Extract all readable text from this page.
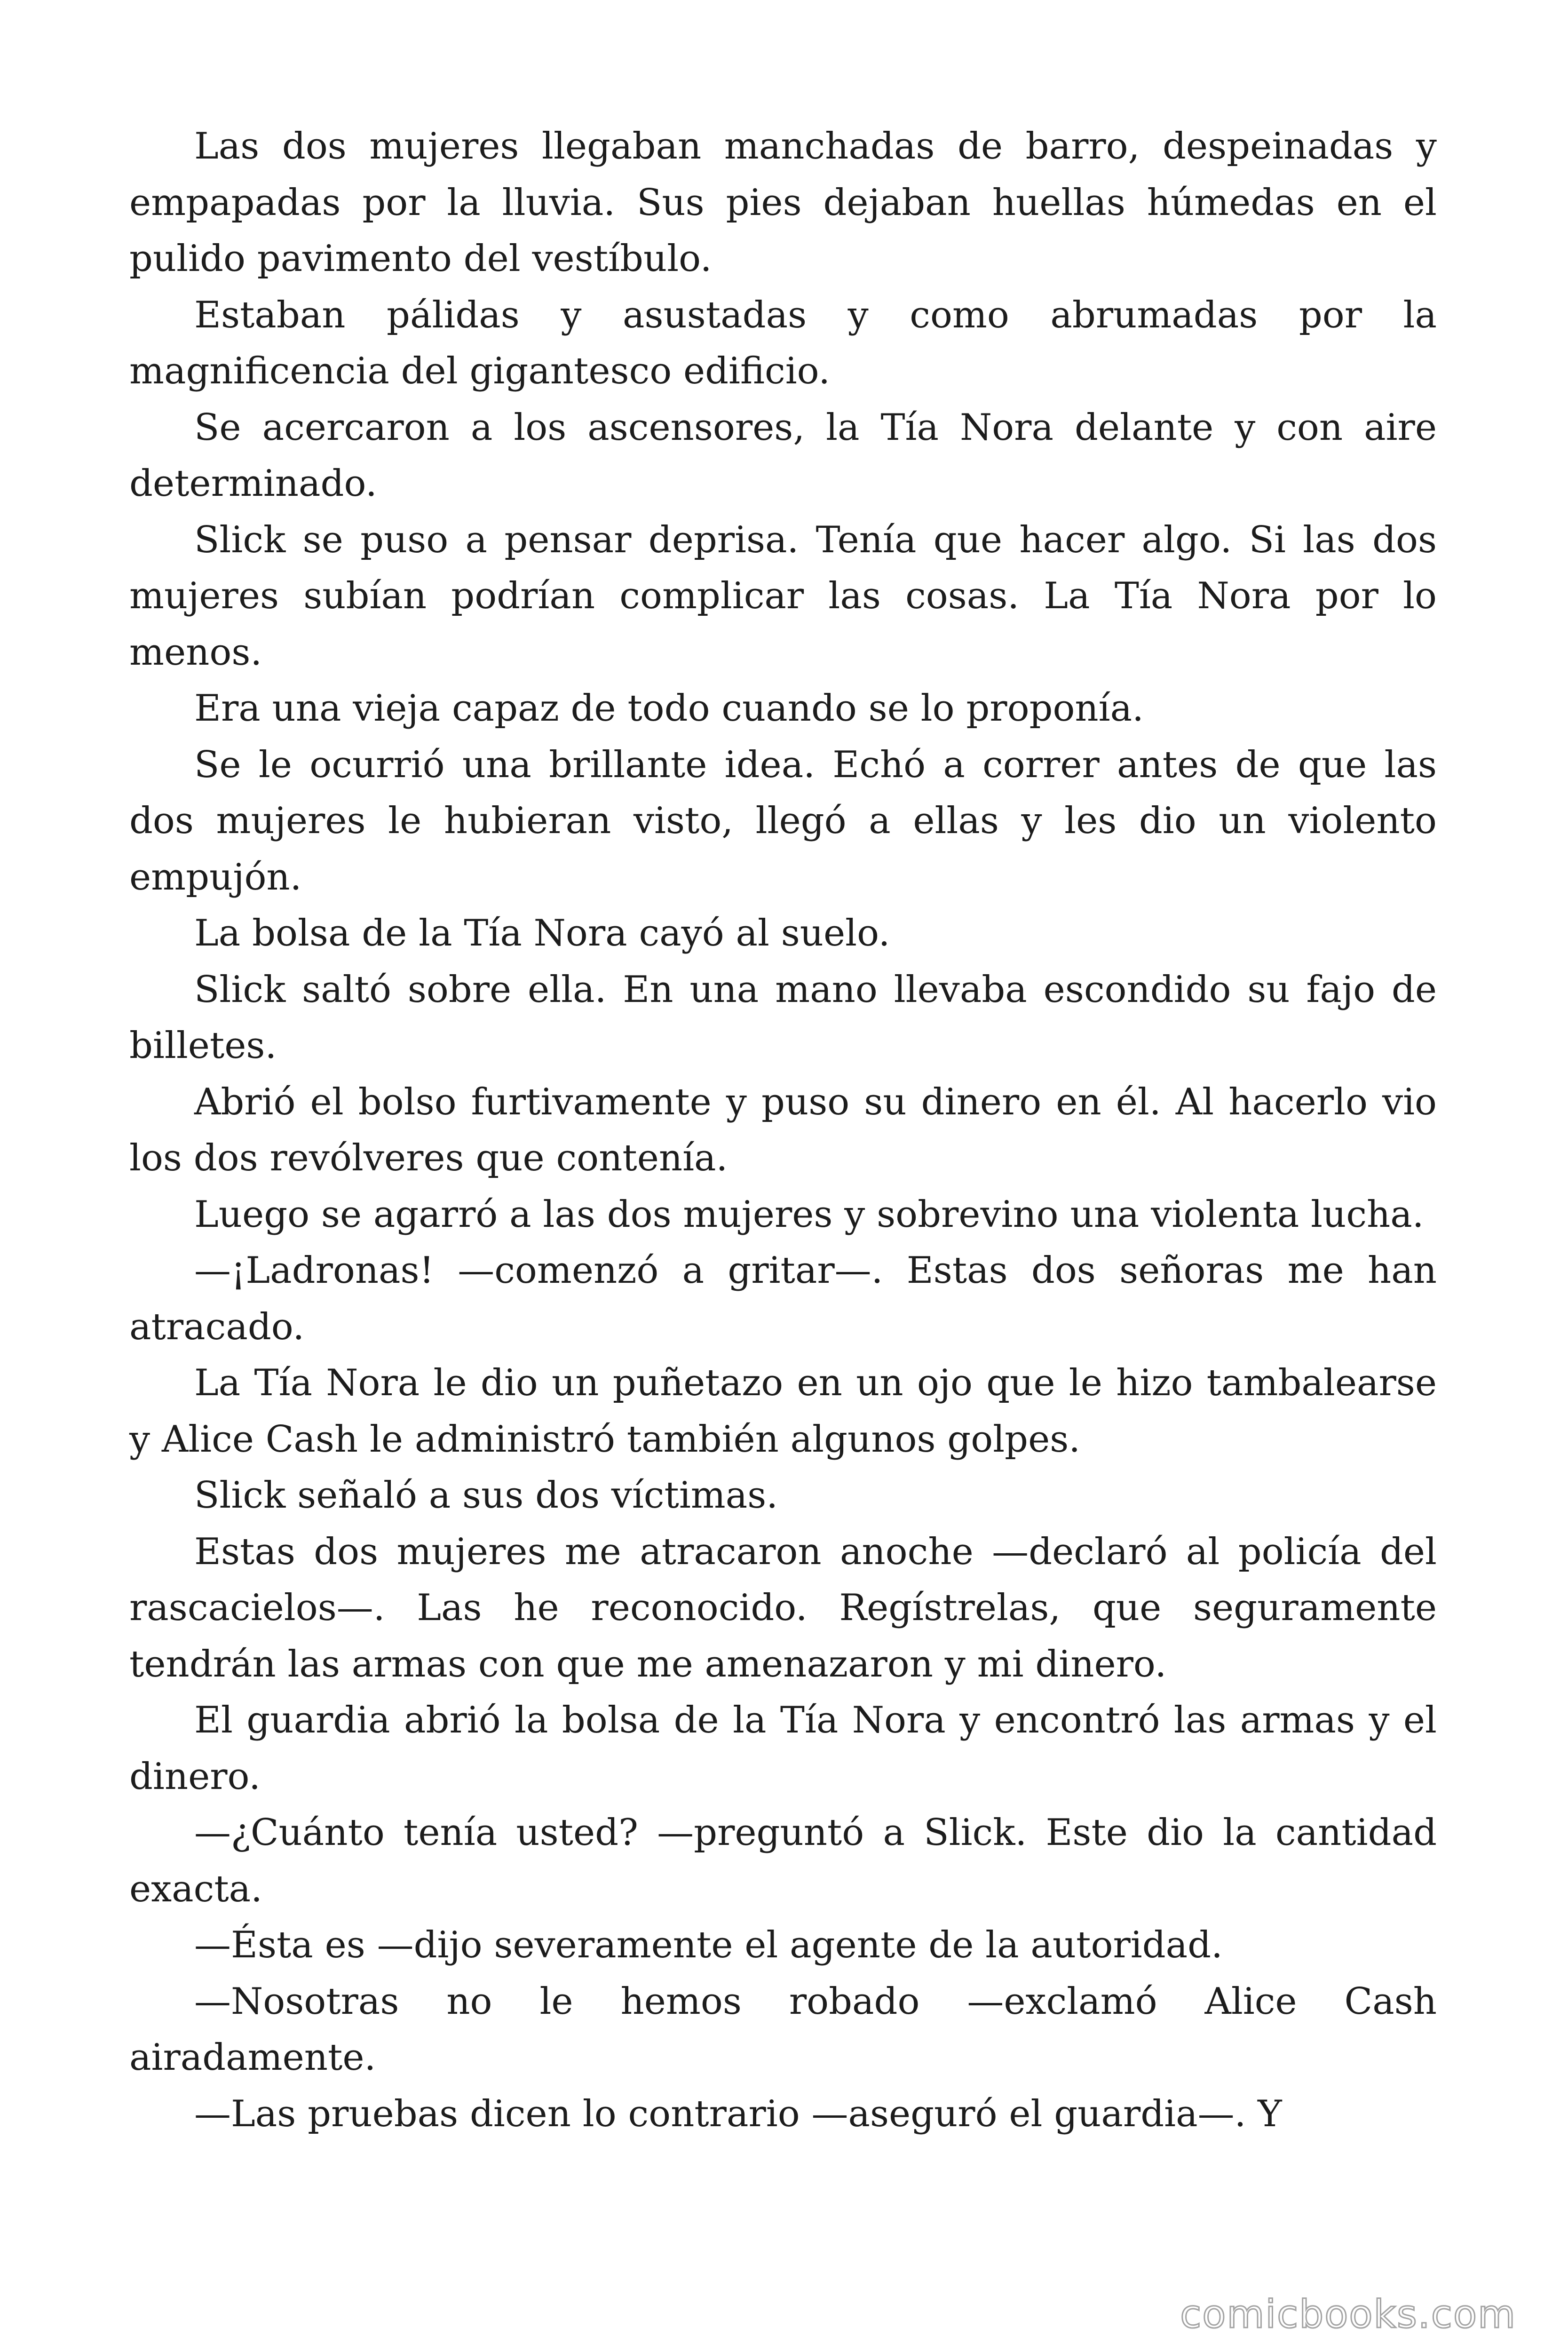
Las dos mujeres llegaban manchadas de barro, despeinadas y empapadas por la lluvia. Sus pies dejaban huellas húmedas en el pulido pavimento del vestíbulo.

Estaban pálidas y asustadas y como abrumadas por la magnificencia del gigantesco edificio.

Se acercaron a los ascensores, la Tía Nora delante y con aire determinado.

Slick se puso a pensar deprisa. Tenía que hacer algo. Si las dos mujeres subían podrían complicar las cosas. La Tía Nora por lo menos.

Era una vieja capaz de todo cuando se lo proponía.

Se le ocurrió una brillante idea. Echó a correr antes de que las dos mujeres le hubieran visto, llegó a ellas y les dio un violento empujón.

La bolsa de la Tía Nora cayó al suelo.

Slick saltó sobre ella. En una mano llevaba escondido su fajo de billetes.

Abrió el bolso furtivamente y puso su dinero en él. Al hacerlo vio los dos revólveres que contenía.

Luego se agarró a las dos mujeres y sobrevino una violenta lucha.

—¡Ladronas! —comenzó a gritar—. Estas dos señoras me han atracado.

La Tía Nora le dio un puñetazo en un ojo que le hizo tambalearse y Alice Cash le administró también algunos golpes.

Slick señaló a sus dos víctimas.

Estas dos mujeres me atracaron anoche —declaró al policía del rascacielos—. Las he reconocido. Regístrelas, que seguramente tendrán las armas con que me amenazaron y mi dinero.

El guardia abrió la bolsa de la Tía Nora y encontró las armas y el dinero.

—¿Cuánto tenía usted? —preguntó a Slick. Este dio la cantidad exacta.

—Ésta es —dijo severamente el agente de la autoridad.

—Nosotras no le hemos robado —exclamó Alice Cash airadamente.

—Las pruebas dicen lo contrario —aseguró el guardia—. Y

comicbooks.com
